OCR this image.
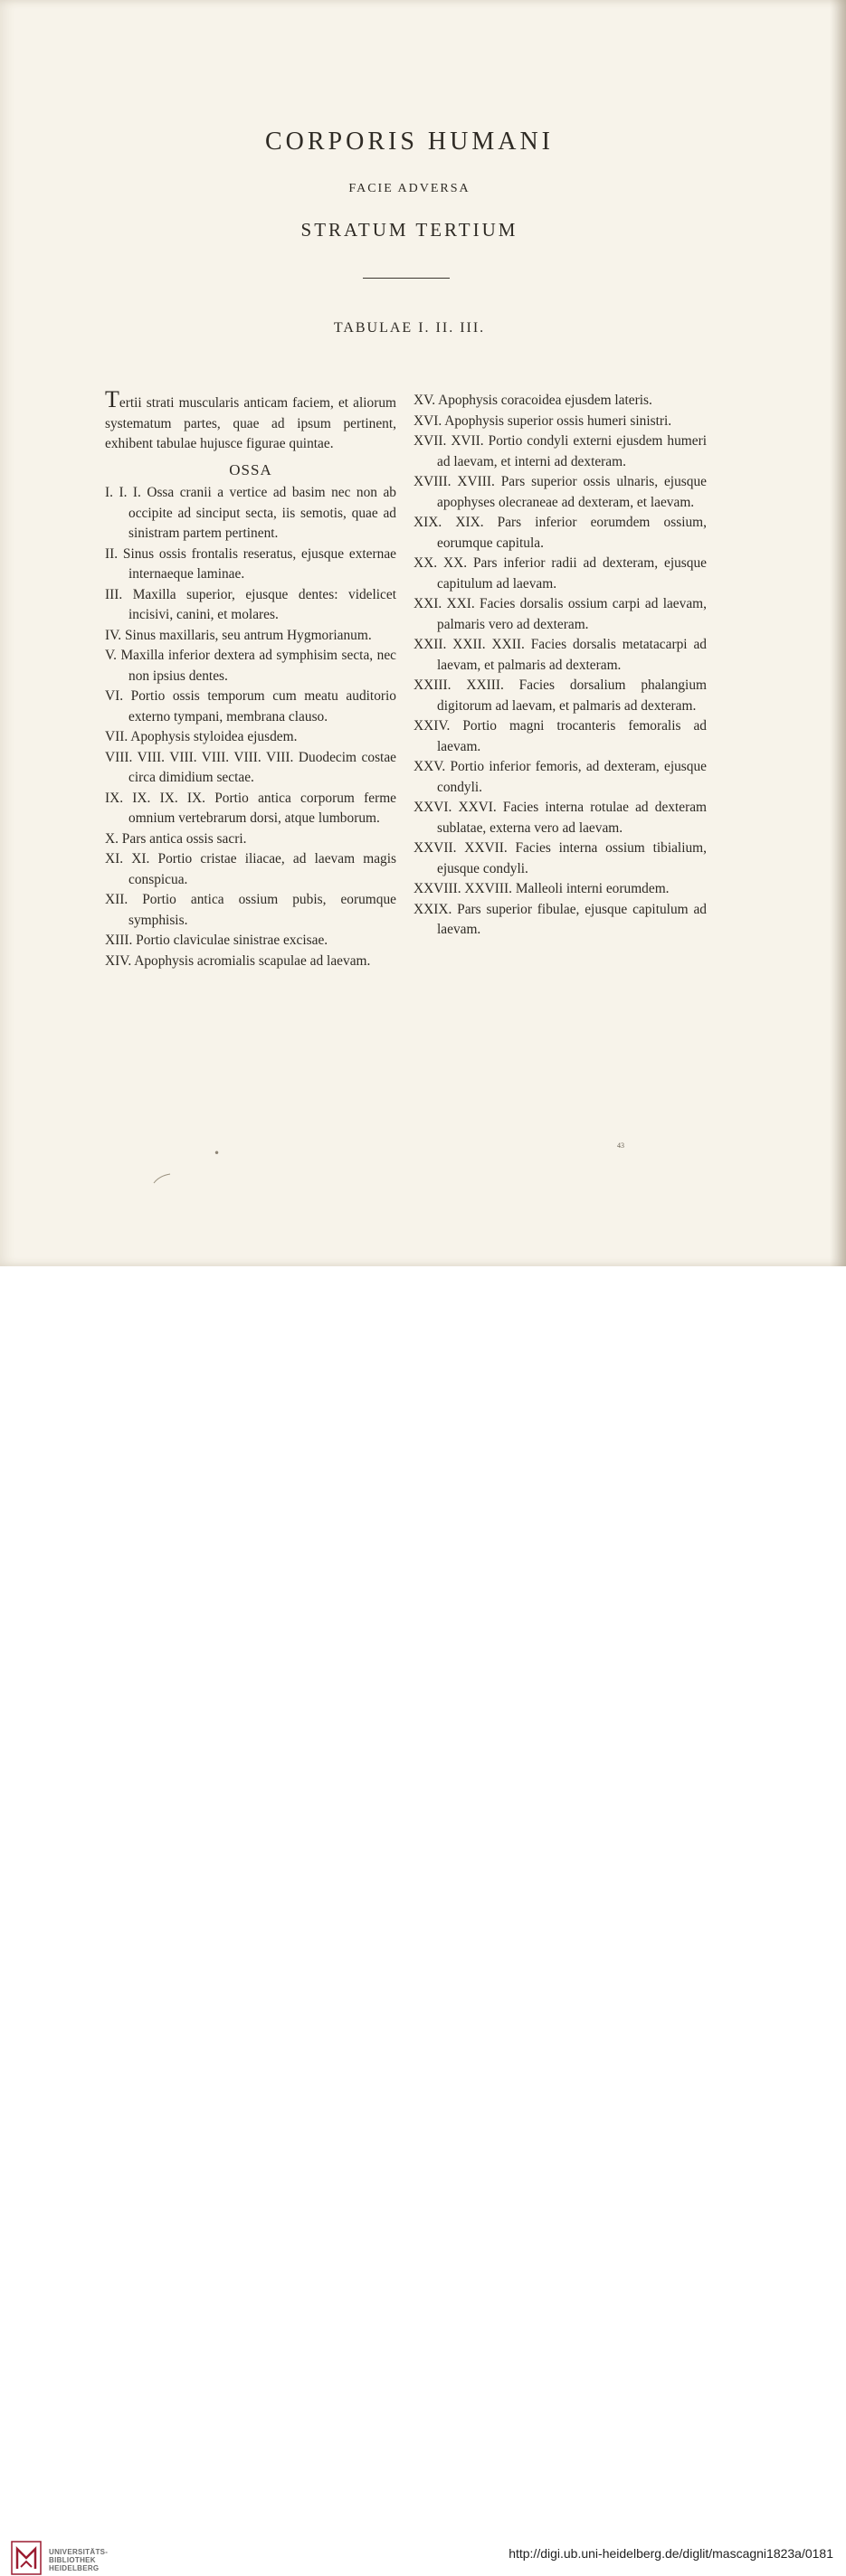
CORPORIS HUMANI
FACIE ADVERSA
STRATUM TERTIUM
TABULAE I. II. III.

Tertii strati muscularis anticam faciem, et aliorum systematum partes, quae ad ipsum pertinent, exhibent tabulae hujusce figurae quintae.

OSSA

I. I. I. Ossa cranii a vertice ad basim nec non ab occipite ad sinciput secta, iis semotis, quae ad sinistram partem pertinent.

II. Sinus ossis frontalis reseratus, ejusque externae internaeque laminae.

III. Maxilla superior, ejusque dentes: videlicet incisivi, canini, et molares.

IV. Sinus maxillaris, seu antrum Hygmorianum.

V. Maxilla inferior dextera ad symphisim secta, nec non ipsius dentes.

VI. Portio ossis temporum cum meatu auditorio externo tympani, membrana clauso.

VII. Apophysis styloidea ejusdem.

VIII. VIII. VIII. VIII. VIII. VIII. Duodecim costae circa dimidium sectae.

IX. IX. IX. IX. Portio antica corporum ferme omnium vertebrarum dorsi, atque lumborum.

X. Pars antica ossis sacri.

XI. XI. Portio cristae iliacae, ad laevam magis conspicua.

XII. Portio antica ossium pubis, eorumque symphisis.

XIII. Portio claviculae sinistrae excisae.

XIV. Apophysis acromialis scapulae ad laevam.

XV. Apophysis coracoidea ejusdem lateris.

XVI. Apophysis superior ossis humeri sinistri.

XVII. XVII. Portio condyli externi ejusdem humeri ad laevam, et interni ad dexteram.

XVIII. XVIII. Pars superior ossis ulnaris, ejusque apophyses olecraneae ad dexteram, et laevam.

XIX. XIX. Pars inferior eorumdem ossium, eorumque capitula.

XX. XX. Pars inferior radii ad dexteram, ejusque capitulum ad laevam.

XXI. XXI. Facies dorsalis ossium carpi ad laevam, palmaris vero ad dexteram.

XXII. XXII. XXII. Facies dorsalis metatacarpi ad laevam, et palmaris ad dexteram.

XXIII. XXIII. Facies dorsalium phalangium digitorum ad laevam, et palmaris ad dexteram.

XXIV. Portio magni trocanteris femoralis ad laevam.

XXV. Portio inferior femoris, ad dexteram, ejusque condyli.

XXVI. XXVI. Facies interna rotulae ad dexteram sublatae, externa vero ad laevam.

XXVII. XXVII. Facies interna ossium tibialium, ejusque condyli.

XXVIII. XXVIII. Malleoli interni eorumdem.

XXIX. Pars superior fibulae, ejusque capitulum ad laevam.

43
•
UNIVERSITÄTS-
BIBLIOTHEK
HEIDELBERG
http://digi.ub.uni-heidelberg.de/diglit/mascagni1823a/0181
